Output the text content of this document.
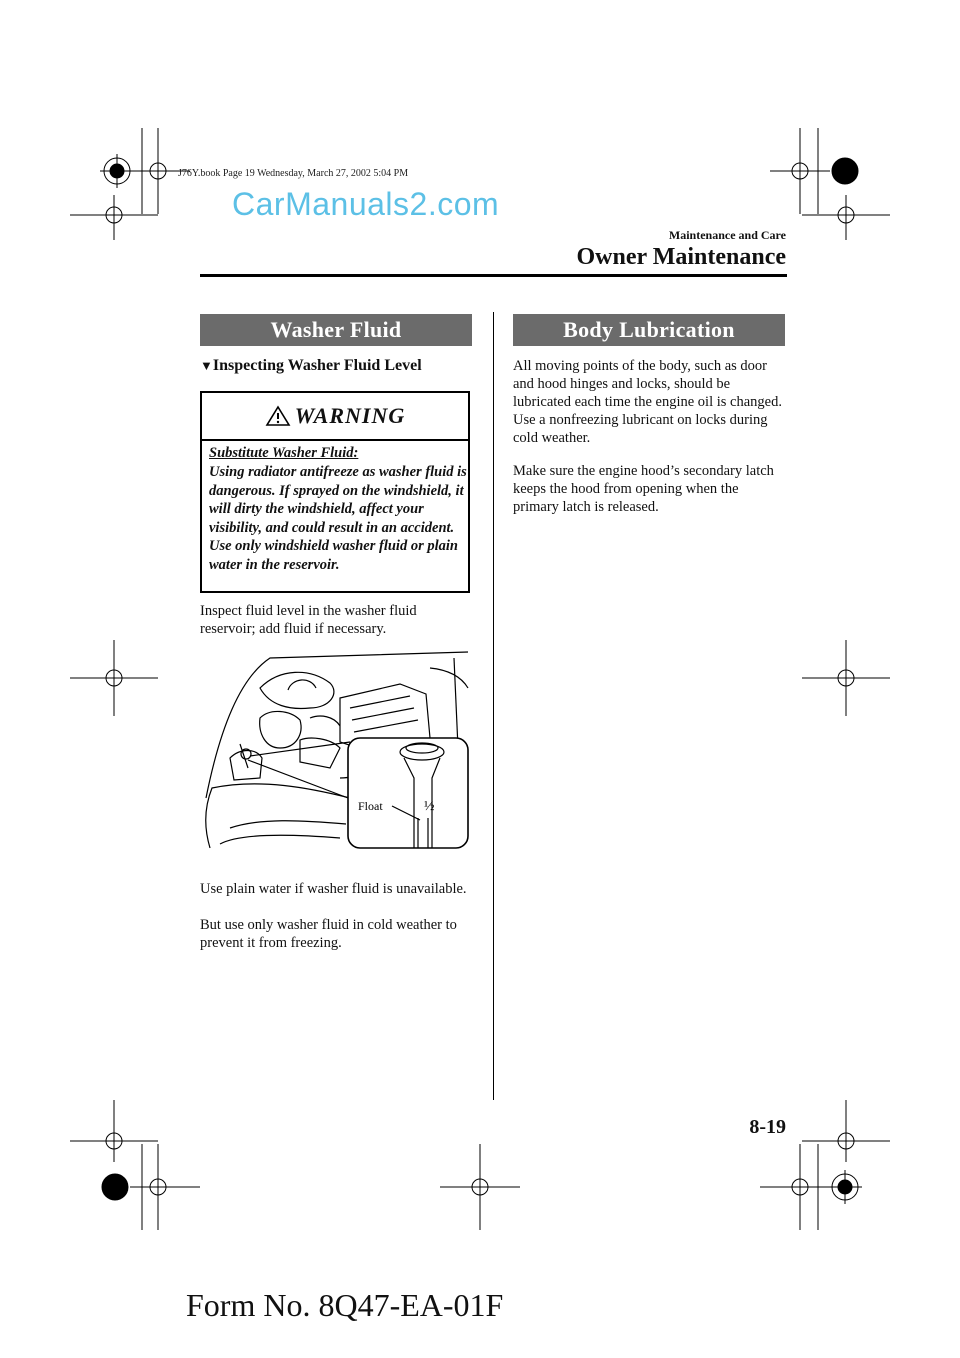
J76Y.book Page 19 Wednesday, March 27, 2002 5:04 PM
CarManuals2.com
Maintenance and Care
Owner Maintenance
Washer Fluid
▼Inspecting Washer Fluid Level
WARNING
Substitute Washer Fluid:
Using radiator antifreeze as washer fluid is dangerous. If sprayed on the windshield, it will dirty the windshield, affect your visibility, and could result in an accident. Use only windshield washer fluid or plain water in the reservoir.
Inspect fluid level in the washer fluid reservoir; add fluid if necessary.
Float	½
Use plain water if washer fluid is unavailable.
But use only washer fluid in cold weather to prevent it from freezing.
Body Lubrication
All moving points of the body, such as door and hood hinges and locks, should be lubricated each time the engine oil is changed. Use a nonfreezing lubricant on locks during cold weather.
Make sure the engine hood’s secondary latch keeps the hood from opening when the primary latch is released.
8-19
Form No. 8Q47-EA-01F
